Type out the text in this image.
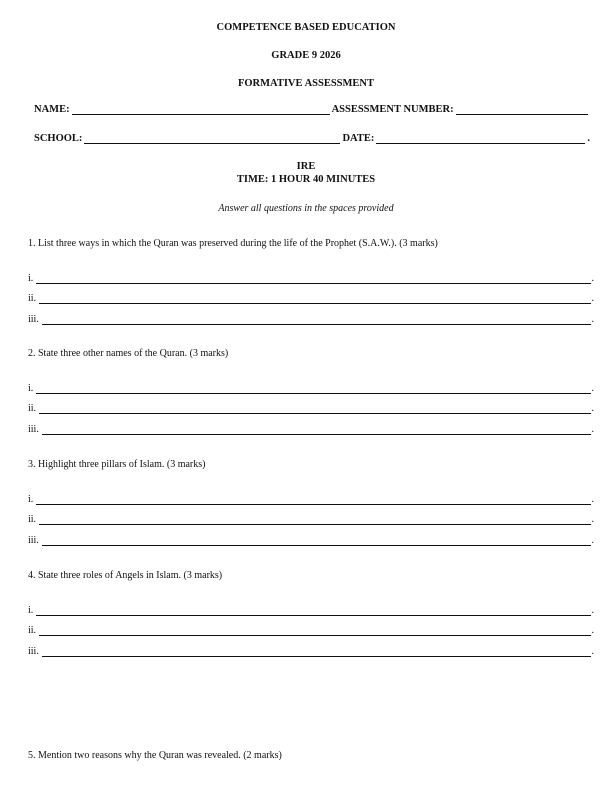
COMPETENCE BASED EDUCATION
GRADE 9 2026
FORMATIVE ASSESSMENT
NAME:	ASSESSMENT NUMBER:
SCHOOL:	DATE:	.
IRE
TIME: 1 HOUR 40 MINUTES
Answer all questions in the spaces provided
1. List three ways in which the Quran was preserved during the life of the Prophet (S.A.W.). (3 marks)
i.	.
ii.	.
iii.	.
2. State three other names of the Quran. (3 marks)
i.	.
ii.	.
iii.	.
3. Highlight three pillars of Islam. (3 marks)
i.	.
ii.	.
iii.	.
4. State three roles of Angels in Islam. (3 marks)
i.	.
ii.	.
iii.	.
5. Mention two reasons why the Quran was revealed. (2 marks)
